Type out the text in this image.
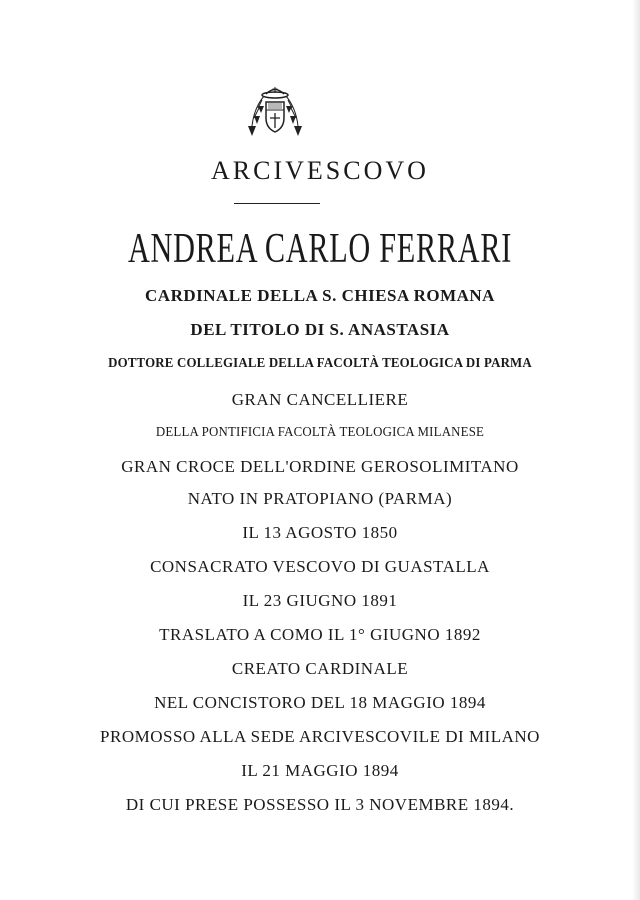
ARCIVESCOVO
ANDREA CARLO FERRARI
CARDINALE DELLA S. CHIESA ROMANA
DEL TITOLO DI S. ANASTASIA
DOTTORE COLLEGIALE DELLA FACOLTÀ TEOLOGICA DI PARMA
GRAN CANCELLIERE
DELLA PONTIFICIA FACOLTÀ TEOLOGICA MILANESE
GRAN CROCE DELL'ORDINE GEROSOLIMITANO
NATO IN PRATOPIANO (PARMA)
IL 13 AGOSTO 1850
CONSACRATO VESCOVO DI GUASTALLA
IL 23 GIUGNO 1891
TRASLATO A COMO IL 1° GIUGNO 1892
CREATO CARDINALE
NEL CONCISTORO DEL 18 MAGGIO 1894
PROMOSSO ALLA SEDE ARCIVESCOVILE DI MILANO
IL 21 MAGGIO 1894
DI CUI PRESE POSSESSO IL 3 NOVEMBRE 1894.
